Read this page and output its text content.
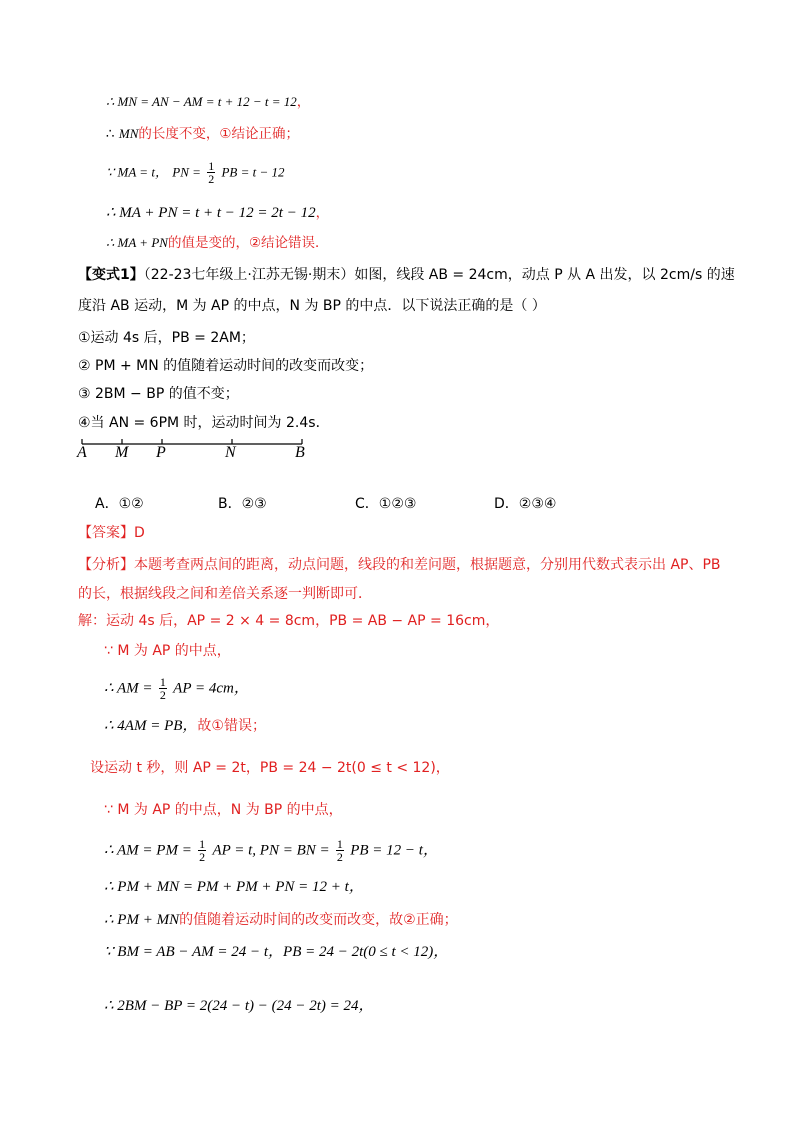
∴ MN = AN − AM = t + 12 − t = 12，
∴ MN的长度不变，①结论正确；
∵ MA = t， PN = $\frac{1}{2}$ PB = t − 12
∴ MA + PN = t + t − 12 = 2t − 12，
∴ MA + PN的值是变的，②结论错误．
【变式1】（22-23七年级上·江苏无锡·期末）如图，线段 AB = 24cm，动点 P 从 A 出发，以 2cm/s 的速
度沿 AB 运动，M 为 AP 的中点，N 为 BP 的中点．以下说法正确的是（ ）
①运动 4s 后，PB = 2AM；
② PM + MN 的值随着运动时间的改变而改变；
③ 2BM − BP 的值不变；
④当 AN = 6PM 时，运动时间为 2.4s．
A M P	N	B
A．①②	B．②③	C．①②③	D．②③④
【答案】D
【分析】本题考查两点间的距离，动点问题，线段的和差问题，根据题意，分别用代数式表示出 AP、PB
的长，根据线段之间和差倍关系逐一判断即可．
解：运动 4s 后，AP = 2 × 4 = 8cm，PB = AB − AP = 16cm，
∵ M 为 AP 的中点，
∴ AM = $\frac{1}{2}$ AP = 4cm，
∴ 4AM = PB，故①错误；
设运动 t 秒，则 AP = 2t，PB = 24 − 2t(0 ≤ t < 12)，
∵ M 为 AP 的中点，N 为 BP 的中点，
∴ AM = PM = $\frac{1}{2}$ AP = t, PN = BN = $\frac{1}{2}$ PB = 12 − t，
∴ PM + MN = PM + PM + PN = 12 + t，
∴ PM + MN的值随着运动时间的改变而改变，故②正确；
∵ BM = AB − AM = 24 − t，PB = 24 − 2t(0 ≤ t < 12)，
∴ 2BM − BP = 2(24 − t) − (24 − 2t) = 24，
